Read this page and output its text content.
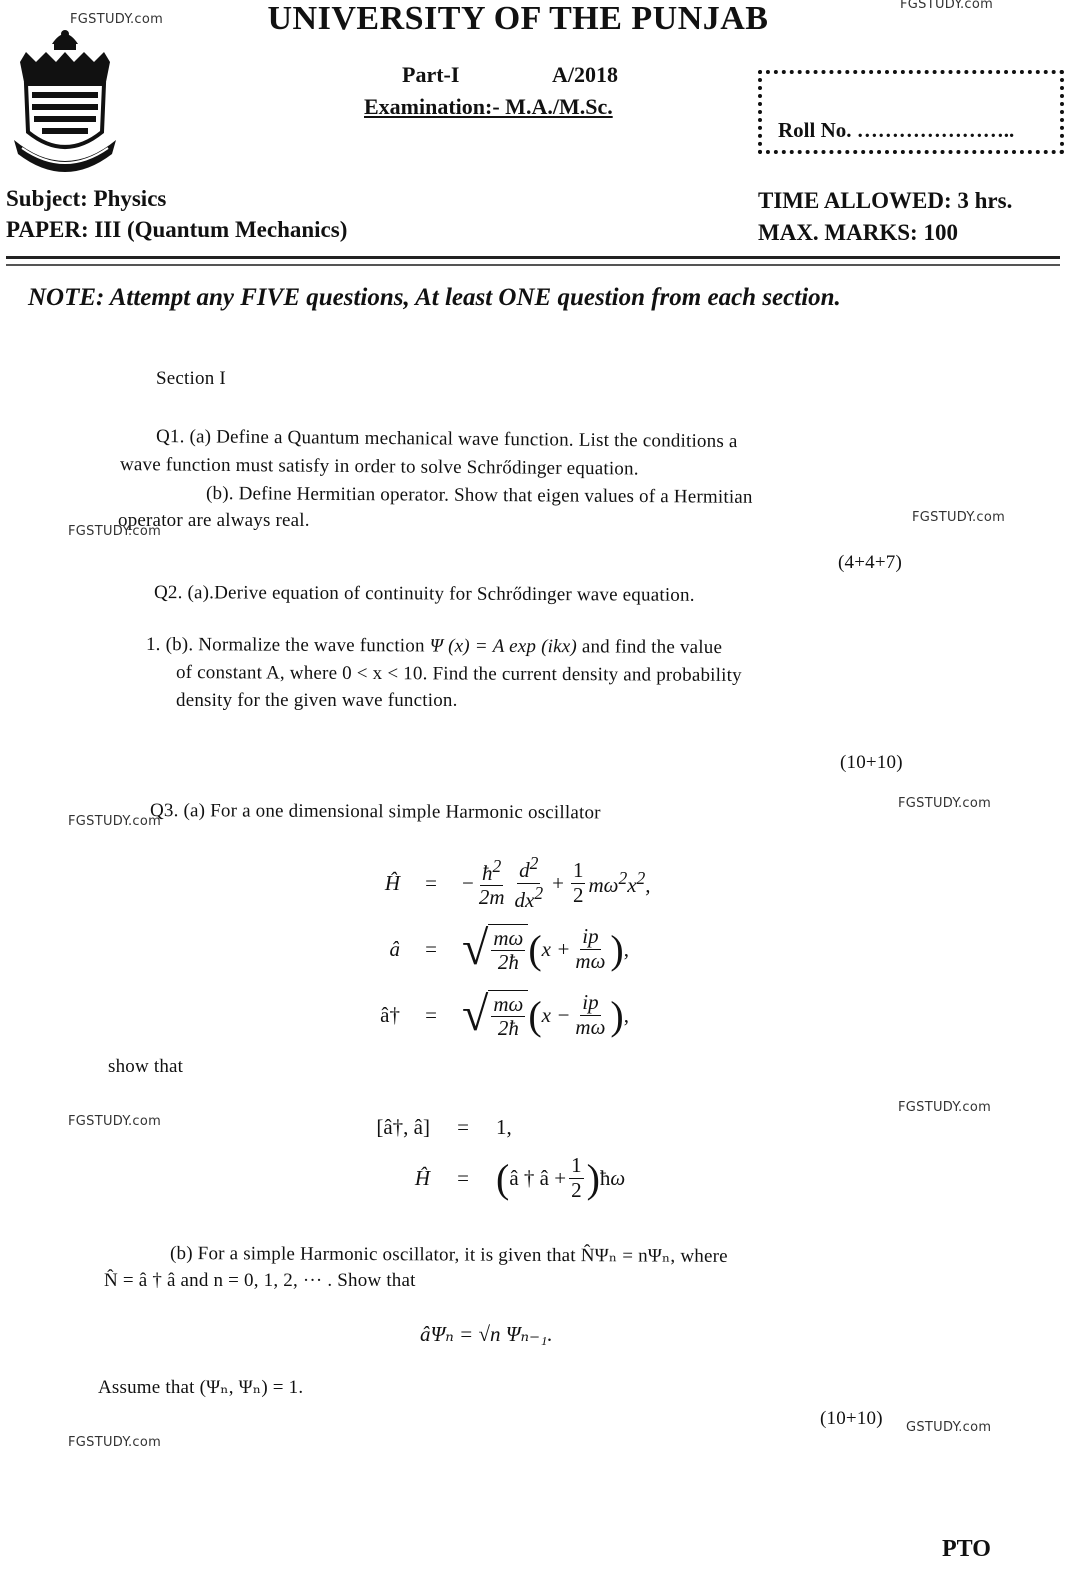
FGSTUDY.com
FGSTUDY.com
UNIVERSITY OF THE PUNJAB
Part-I	A/2018
Examination:- M.A./M.Sc.
Roll No. …………………..
Subject: Physics
PAPER: III (Quantum Mechanics)
TIME ALLOWED: 3 hrs.
MAX. MARKS: 100
NOTE: Attempt any FIVE questions, At least ONE question from each section.
Section I
Q1. (a) Define a Quantum mechanical wave function. List the conditions a
wave function must satisfy in order to solve Schrődinger equation.
(b). Define Hermitian operator. Show that eigen values of a Hermitian
operator are always real.
FGSTUDY.com
FGSTUDY.com
(4+4+7)
Q2. (a).Derive equation of continuity for Schrődinger wave equation.
1. (b). Normalize the wave function Ψ (x) = A exp (ikx) and find the value
of constant A, where 0 < x < 10. Find the current density and probability
density for the given wave function.
(10+10)
FGSTUDY.com
FGSTUDY.com
Q3. (a) For a one dimensional simple Harmonic oscillator
Ĥ	=	− $\frac{ħ^2}{2m} \frac{d^2}{dx^2} + \frac{1}{2} m\omega^2x^2$,
â	= √ $\frac{m\omega}{2ħ}$ ( $x + \frac{ip}{m\omega}$ ) ,
â†	= √ $\frac{m\omega}{2ħ}$ ( $x - \frac{ip}{m\omega}$ ) ,
show that
FGSTUDY.com
FGSTUDY.com
[â†, â]	=	1,
Ĥ	= ( â † â + $\frac{1}{2}$ ) ħω
(b) For a simple Harmonic oscillator, it is given that N̂Ψₙ = nΨₙ, where
N̂ = â † â and n = 0, 1, 2, ··· . Show that
âΨₙ = √n Ψₙ₋₁.
Assume that (Ψₙ, Ψₙ) = 1.
(10+10) GSTUDY.com
FGSTUDY.com
PTO
